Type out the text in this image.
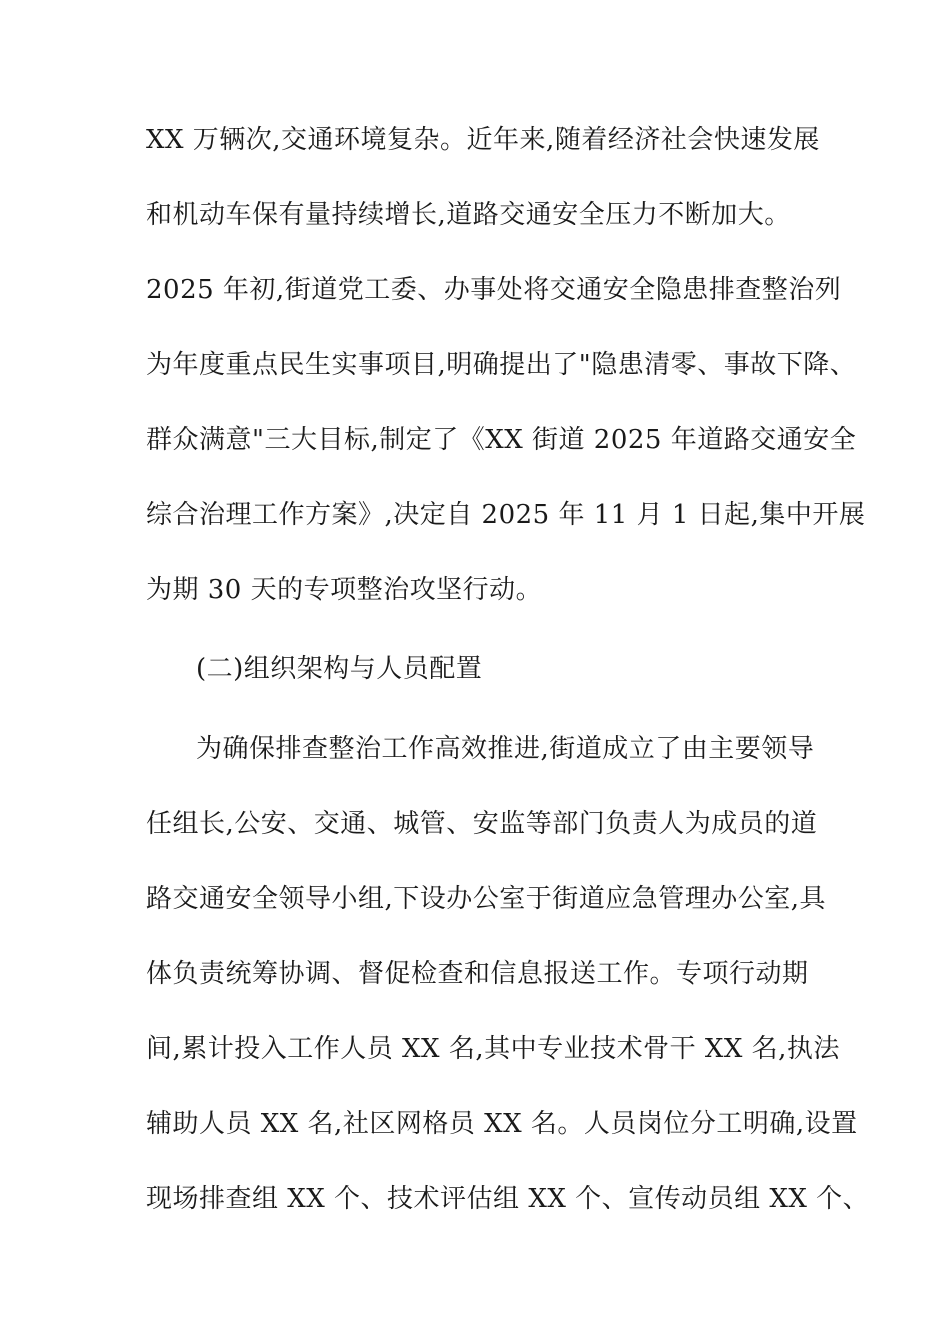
XX 万辆次,交通环境复杂。近年来,随着经济社会快速发展
和机动车保有量持续增长,道路交通安全压力不断加大。
2025 年初,街道党工委、办事处将交通安全隐患排查整治列
为年度重点民生实事项目,明确提出了"隐患清零、事故下降、
群众满意"三大目标,制定了《XX 街道 2025 年道路交通安全
综合治理工作方案》,决定自 2025 年 11 月 1 日起,集中开展
为期 30 天的专项整治攻坚行动。
(二)组织架构与人员配置
为确保排查整治工作高效推进,街道成立了由主要领导
任组长,公安、交通、城管、安监等部门负责人为成员的道
路交通安全领导小组,下设办公室于街道应急管理办公室,具
体负责统筹协调、督促检查和信息报送工作。专项行动期
间,累计投入工作人员 XX 名,其中专业技术骨干 XX 名,执法
辅助人员 XX 名,社区网格员 XX 名。人员岗位分工明确,设置
现场排查组 XX 个、技术评估组 XX 个、宣传动员组 XX 个、
